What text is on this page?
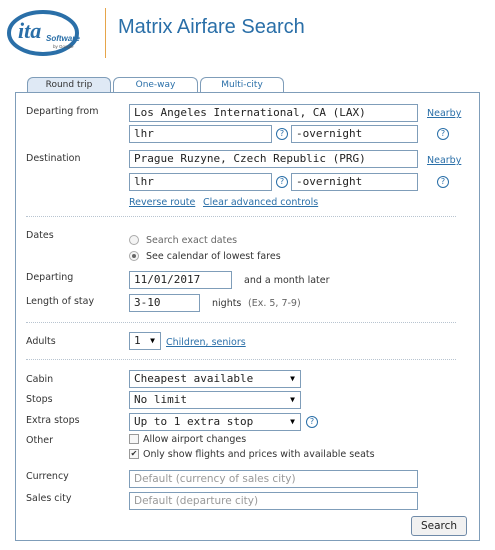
ita Software
by Google
Matrix Airfare Search
Round trip	One-way	Multi-city
Departing from	Los Angeles International, CA (LAX)	Nearby
lhr	?	-overnight	?
Destination	Prague Ruzyne, Czech Republic (PRG)	Nearby
lhr	?	-overnight	?
Reverse route Clear advanced controls
Dates	Search exact dates
See calendar of lowest fares
Departing	11/01/2017	and a month later
Length of stay	3-10	nights (Ex. 5, 7-9)
Adults	1 ▼ Children, seniors
Cabin	Cheapest available	▼
Stops	No limit	▼
Extra stops	Up to 1 extra stop	▼	?
Other	Allow airport changes
✔ Only show flights and prices with available seats
Currency	Default (currency of sales city)
Sales city	Default (departure city)
Search
